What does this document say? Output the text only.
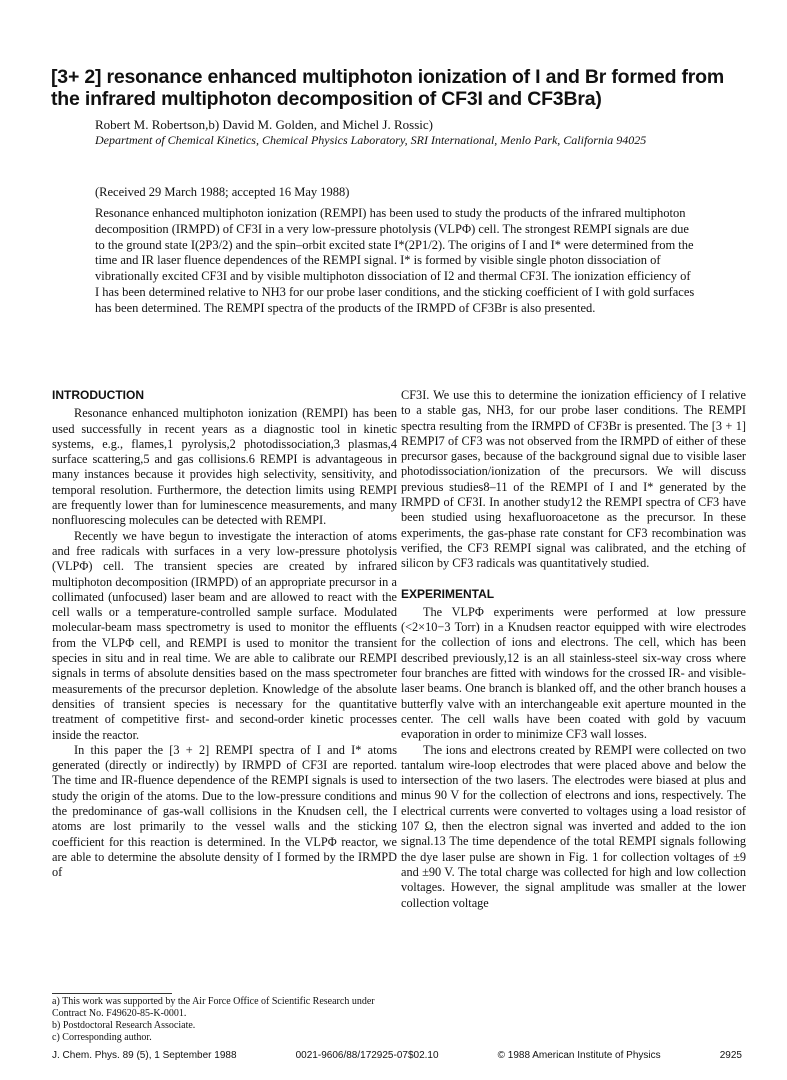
[3+ 2] resonance enhanced multiphoton ionization of I and Br formed from the infrared multiphoton decomposition of CF3I and CF3Bra)
Robert M. Robertson,b) David M. Golden, and Michel J. Rossic)
Department of Chemical Kinetics, Chemical Physics Laboratory, SRI International, Menlo Park, California 94025
(Received 29 March 1988; accepted 16 May 1988)

Resonance enhanced multiphoton ionization (REMPI) has been used to study the products of the infrared multiphoton decomposition (IRMPD) of CF3I in a very low-pressure photolysis (VLPΦ) cell. The strongest REMPI signals are due to the ground state I(2P3/2) and the spin–orbit excited state I*(2P1/2). The origins of I and I* were determined from the time and IR laser fluence dependences of the REMPI signal. I* is formed by visible single photon dissociation of vibrationally excited CF3I and by visible multiphoton dissociation of I2 and thermal CF3I. The ionization efficiency of I has been determined relative to NH3 for our probe laser conditions, and the sticking coefficient of I with gold surfaces has been determined. The REMPI spectra of the products of the IRMPD of CF3Br is also presented.

INTRODUCTION

Resonance enhanced multiphoton ionization (REMPI) has been used successfully in recent years as a diagnostic tool in kinetic systems, e.g., flames,1 pyrolysis,2 photodissociation,3 plasmas,4 surface scattering,5 and gas collisions.6 REMPI is advantageous in many instances because it provides high selectivity, sensitivity, and temporal resolution. Furthermore, the detection limits using REMPI are frequently lower than for luminescence measurements, and many nonfluorescing molecules can be detected with REMPI.

Recently we have begun to investigate the interaction of atoms and free radicals with surfaces in a very low-pressure photolysis (VLPΦ) cell. The transient species are created by infrared multiphoton decomposition (IRMPD) of an appropriate precursor in a collimated (unfocused) laser beam and are allowed to react with the cell walls or a temperature-controlled sample surface. Modulated molecular-beam mass spectrometry is used to monitor the effluents from the VLPΦ cell, and REMPI is used to monitor the transient species in situ and in real time. We are able to calibrate our REMPI signals in terms of absolute densities based on the mass spectrometer measurements of the precursor depletion. Knowledge of the absolute densities of transient species is necessary for the quantitative treatment of competitive first- and second-order kinetic processes inside the reactor.

In this paper the [3 + 2] REMPI spectra of I and I* atoms generated (directly or indirectly) by IRMPD of CF3I are reported. The time and IR-fluence dependence of the REMPI signals is used to study the origin of the atoms. Due to the low-pressure conditions and the predominance of gas-wall collisions in the Knudsen cell, the I atoms are lost primarily to the vessel walls and the sticking coefficient for this reaction is determined. In the VLPΦ reactor, we are able to determine the absolute density of I formed by the IRMPD of

CF3I. We use this to determine the ionization efficiency of I relative to a stable gas, NH3, for our probe laser conditions. The REMPI spectra resulting from the IRMPD of CF3Br is presented. The [3 + 1] REMPI7 of CF3 was not observed from the IRMPD of either of these precursor gases, because of the background signal due to visible laser photodissociation/ionization of the precursors. We will discuss previous studies8–11 of the REMPI of I and I* generated by the IRMPD of CF3I. In another study12 the REMPI spectra of CF3 have been studied using hexafluoroacetone as the precursor. In these experiments, the gas-phase rate constant for CF3 recombination was verified, the CF3 REMPI signal was calibrated, and the etching of silicon by CF3 radicals was quantitatively studied.

EXPERIMENTAL

The VLPΦ experiments were performed at low pressure (<2×10−3 Torr) in a Knudsen reactor equipped with wire electrodes for the collection of ions and electrons. The cell, which has been described previously,12 is an all stainless-steel six-way cross where four branches are fitted with windows for the crossed IR- and visible-laser beams. One branch is blanked off, and the other branch houses a butterfly valve with an interchangeable exit aperture mounted in the center. The cell walls have been coated with gold by vacuum evaporation in order to minimize CF3 wall losses.

The ions and electrons created by REMPI were collected on two tantalum wire-loop electrodes that were placed above and below the intersection of the two lasers. The electrodes were biased at plus and minus 90 V for the collection of electrons and ions, respectively. The electrical currents were converted to voltages using a load resistor of 107 Ω, then the electron signal was inverted and added to the ion signal.13 The time dependence of the total REMPI signals following the dye laser pulse are shown in Fig. 1 for collection voltages of ±9 and ±90 V. The total charge was collected for high and low collection voltages. However, the signal amplitude was smaller at the lower collection voltage

a) This work was supported by the Air Force Office of Scientific Research under Contract No. F49620-85-K-0001.
b) Postdoctoral Research Associate.
c) Corresponding author.
J. Chem. Phys. 89 (5), 1 September 1988	0021-9606/88/172925-07$02.10	© 1988 American Institute of Physics	2925
